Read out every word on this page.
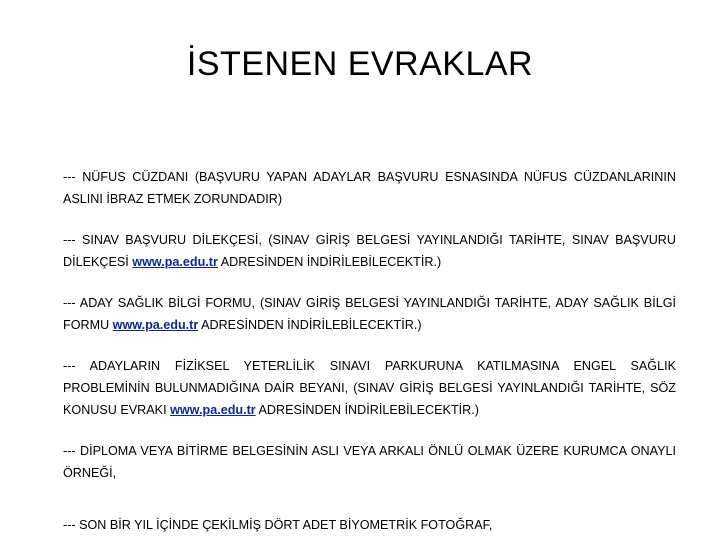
İSTENEN EVRAKLAR

--- NÜFUS CÜZDANI (BAŞVURU YAPAN ADAYLAR BAŞVURU ESNASINDA NÜFUS CÜZDANLARININ ASLINI İBRAZ ETMEK ZORUNDADIR)

--- SINAV BAŞVURU DİLEKÇESİ, (SINAV GİRİŞ BELGESİ YAYINLANDIĞI TARİHTE, SINAV BAŞVURU DİLEKÇESİ www.pa.edu.tr ADRESİNDEN İNDİRİLEBİLECEKTİR.)

--- ADAY SAĞLIK BİLGİ FORMU, (SINAV GİRİŞ BELGESİ YAYINLANDIĞI TARİHTE, ADAY SAĞLIK BİLGİ FORMU www.pa.edu.tr ADRESİNDEN İNDİRİLEBİLECEKTİR.)

--- ADAYLARIN FİZİKSEL YETERLİLİK SINAVI PARKURUNA KATILMASINA ENGEL SAĞLIK PROBLEMİNİN BULUNMADIĞINA DAİR BEYANI, (SINAV GİRİŞ BELGESİ YAYINLANDIĞI TARİHTE, SÖZ KONUSU EVRAKI www.pa.edu.tr ADRESİNDEN İNDİRİLEBİLECEKTİR.)

--- DİPLOMA VEYA BİTİRME BELGESİNİN ASLI VEYA ARKALI ÖNLÜ OLMAK ÜZERE KURUMCA ONAYLI ÖRNEĞİ,

--- SON BİR YIL İÇİNDE ÇEKİLMİŞ DÖRT ADET BİYOMETRİK FOTOĞRAF,
